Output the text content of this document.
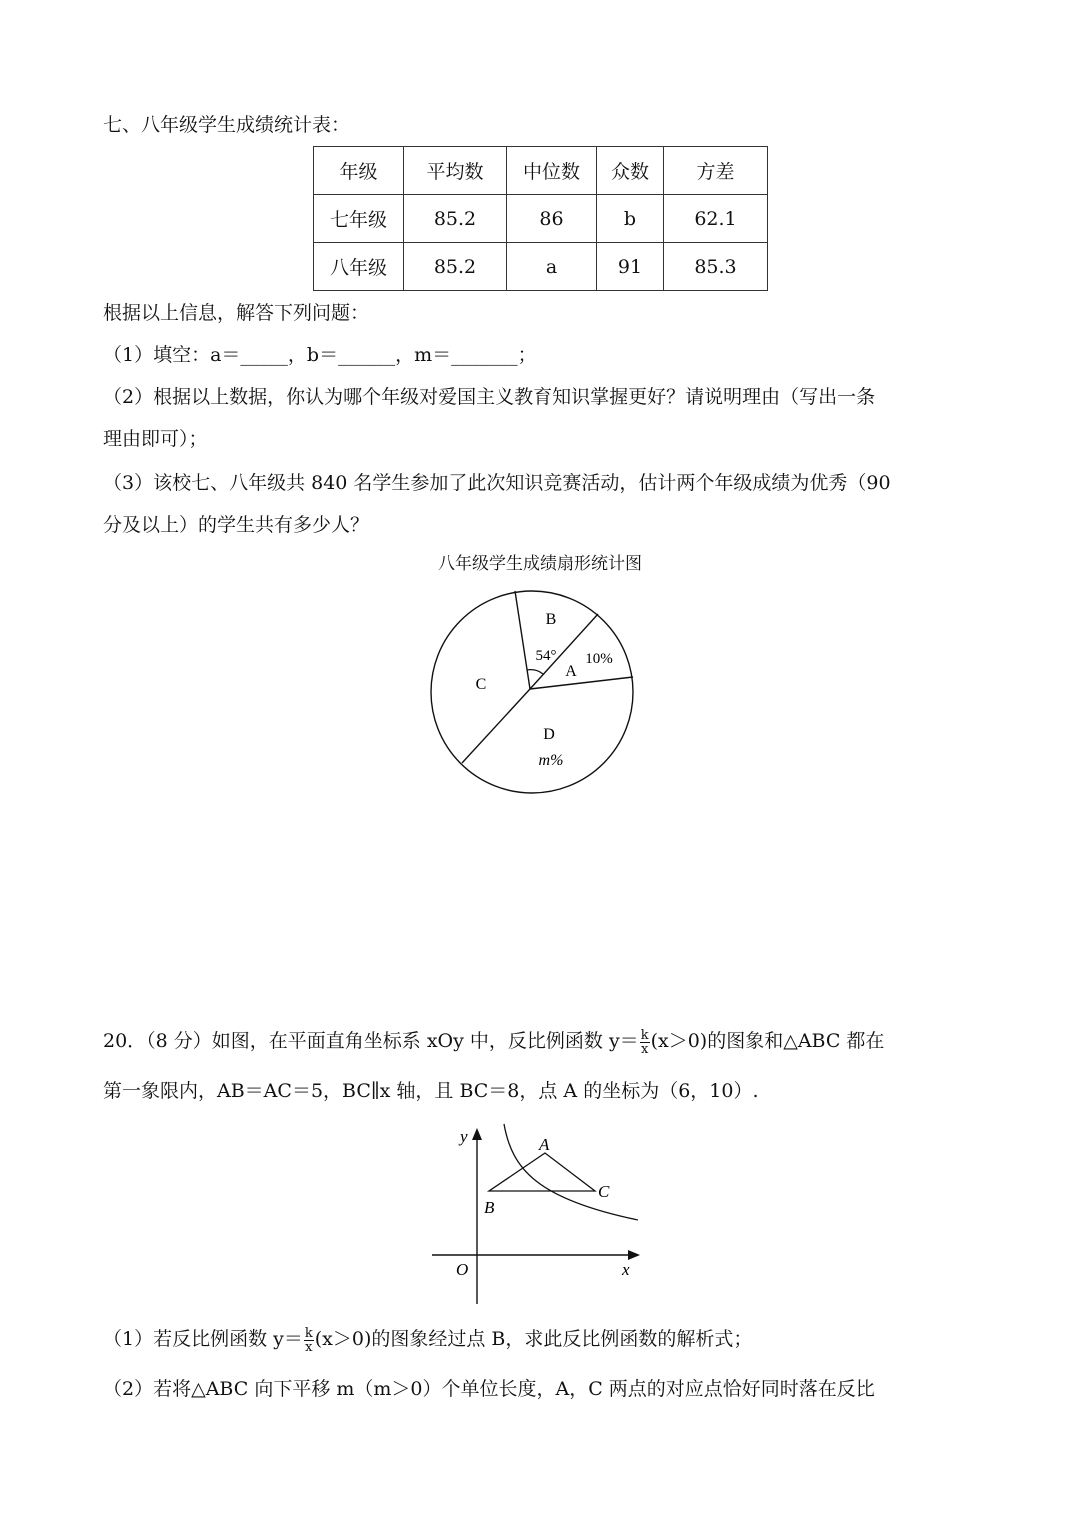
七、八年级学生成绩统计表：
年级	平均数	中位数	众数	方差
七年级	85.2	86	b	62.1
八年级	85.2	a	91	85.3
根据以上信息，解答下列问题：
（1）填空：a＝_____，b＝______，m＝_______；
（2）根据以上数据，你认为哪个年级对爱国主义教育知识掌握更好？请说明理由（写出一条
理由即可）；
（3）该校七、八年级共 840 名学生参加了此次知识竞赛活动，估计两个年级成绩为优秀（90
分及以上）的学生共有多少人？
八年级学生成绩扇形统计图
B
54°
A
10%
C
D
m%
20．（8 分）如图，在平面直角坐标系 xOy 中，反比例函数 $y= \frac{k}{x} (x>0)$的图象和△ABC 都在
第一象限内，AB＝AC＝5，BC∥x 轴，且 BC＝8，点 A 的坐标为（6，10）.
y
x
O
A
B
C
（1）若反比例函数 $y= \frac{k}{x} (x>0)$的图象经过点 B，求此反比例函数的解析式；
（2）若将△ABC 向下平移 m（m＞0）个单位长度，A，C 两点的对应点恰好同时落在反比
